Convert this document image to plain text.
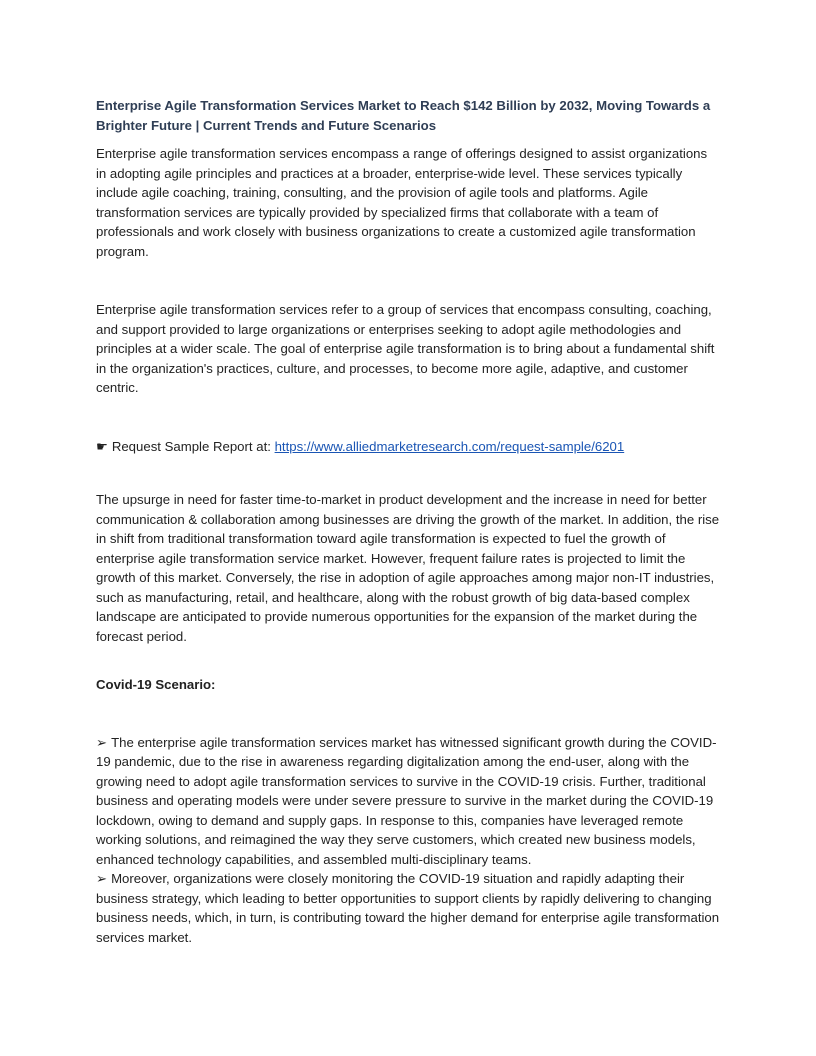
Enterprise Agile Transformation Services Market to Reach $142 Billion by 2032, Moving Towards a Brighter Future | Current Trends and Future Scenarios

Enterprise agile transformation services encompass a range of offerings designed to assist organizations in adopting agile principles and practices at a broader, enterprise-wide level. These services typically include agile coaching, training, consulting, and the provision of agile tools and platforms. Agile transformation services are typically provided by specialized firms that collaborate with a team of professionals and work closely with business organizations to create a customized agile transformation program.

Enterprise agile transformation services refer to a group of services that encompass consulting, coaching, and support provided to large organizations or enterprises seeking to adopt agile methodologies and principles at a wider scale. The goal of enterprise agile transformation is to bring about a fundamental shift in the organization's practices, culture, and processes, to become more agile, adaptive, and customer centric.

☛ Request Sample Report at: https://www.alliedmarketresearch.com/request-sample/6201

The upsurge in need for faster time-to-market in product development and the increase in need for better communication & collaboration among businesses are driving the growth of the market. In addition, the rise in shift from traditional transformation toward agile transformation is expected to fuel the growth of enterprise agile transformation service market. However, frequent failure rates is projected to limit the growth of this market. Conversely, the rise in adoption of agile approaches among major non-IT industries, such as manufacturing, retail, and healthcare, along with the robust growth of big data-based complex landscape are anticipated to provide numerous opportunities for the expansion of the market during the forecast period.

Covid-19 Scenario:

➢ The enterprise agile transformation services market has witnessed significant growth during the COVID-19 pandemic, due to the rise in awareness regarding digitalization among the end-user, along with the growing need to adopt agile transformation services to survive in the COVID-19 crisis. Further, traditional business and operating models were under severe pressure to survive in the market during the COVID-19 lockdown, owing to demand and supply gaps. In response to this, companies have leveraged remote working solutions, and reimagined the way they serve customers, which created new business models, enhanced technology capabilities, and assembled multi-disciplinary teams.

➢ Moreover, organizations were closely monitoring the COVID-19 situation and rapidly adapting their business strategy, which leading to better opportunities to support clients by rapidly delivering to changing business needs, which, in turn, is contributing toward the higher demand for enterprise agile transformation services market.
